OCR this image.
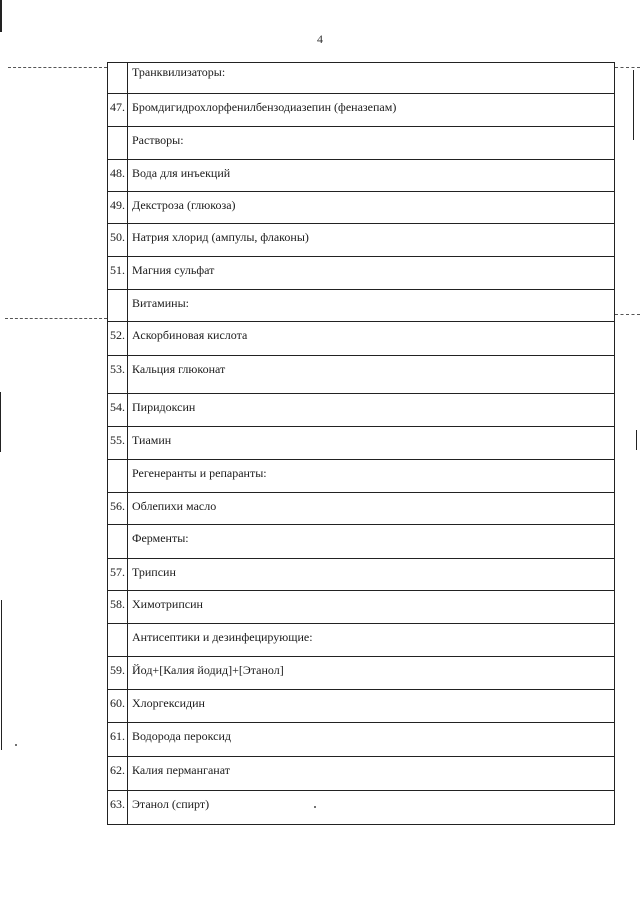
4
	Транквилизаторы:
47.	Бромдигидрохлорфенилбензодиазепин (феназепам)
	Растворы:
48.	Вода для инъекций
49.	Декстроза (глюкоза)
50.	Натрия хлорид (ампулы, флаконы)
51.	Магния сульфат
	Витамины:
52.	Аскорбиновая кислота
53.	Кальция глюконат
54.	Пиридоксин
55.	Тиамин
	Регенеранты и репаранты:
56.	Облепихи масло
	Ферменты:
57.	Трипсин
58.	Химотрипсин
	Антисептики и дезинфецирующие:
59.	Йод+[Калия йодид]+[Этанол]
60.	Хлоргексидин
61.	Водорода пероксид
62.	Калия перманганат
63.	Этанол (спирт)
